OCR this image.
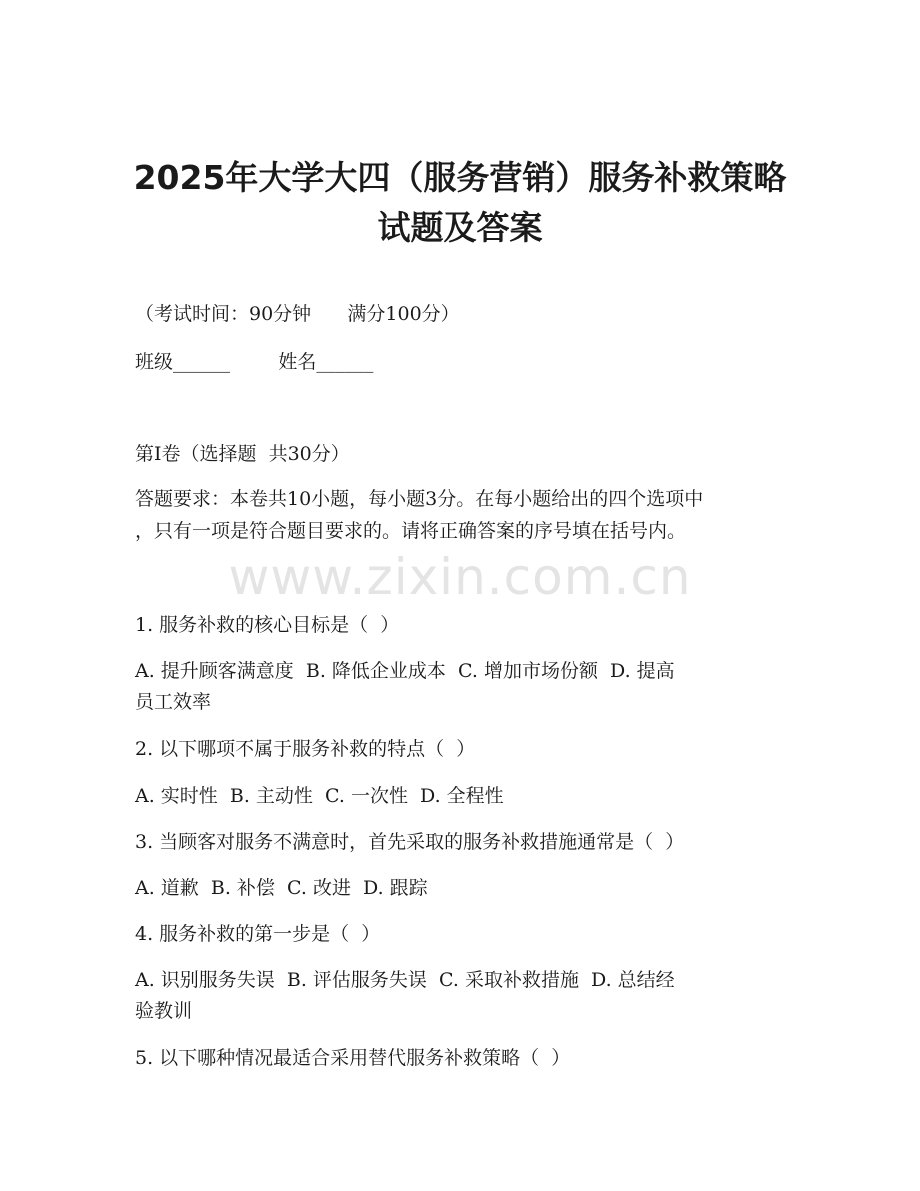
2025年大学大四（服务营销）服务补救策略
试题及答案

（考试时间：90分钟      满分100分）

班级______        姓名______

第I卷（选择题  共30分）

答题要求：本卷共10小题，每小题3分。在每小题给出的四个选项中

，只有一项是符合题目要求的。请将正确答案的序号填在括号内。

www.zixin.com.cn

1. 服务补救的核心目标是（  ）

A. 提升顾客满意度  B. 降低企业成本  C. 增加市场份额  D. 提高

员工效率

2. 以下哪项不属于服务补救的特点（  ）

A. 实时性  B. 主动性  C. 一次性  D. 全程性

3. 当顾客对服务不满意时，首先采取的服务补救措施通常是（  ）

A. 道歉  B. 补偿  C. 改进  D. 跟踪

4. 服务补救的第一步是（  ）

A. 识别服务失误  B. 评估服务失误  C. 采取补救措施  D. 总结经

验教训

5. 以下哪种情况最适合采用替代服务补救策略（  ）
